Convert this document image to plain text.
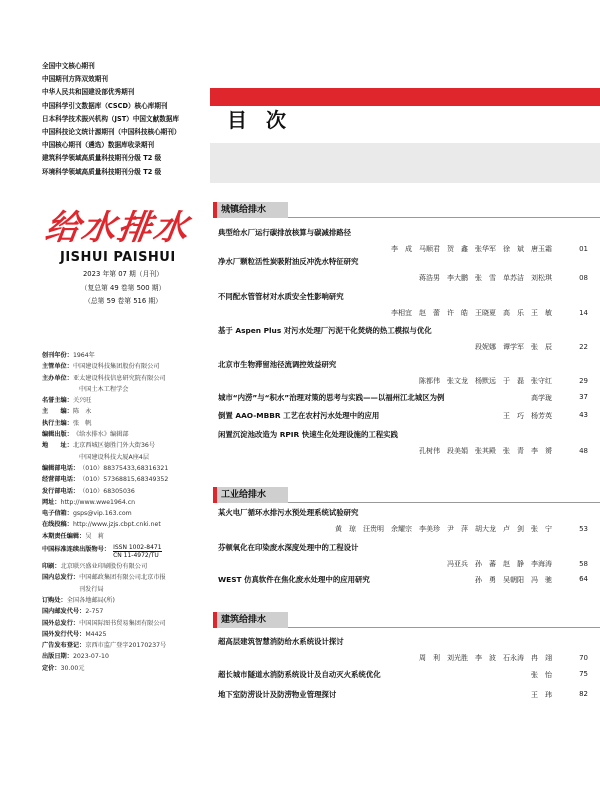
全国中文核心期刊
中国期刊方阵双效期刊
中华人民共和国建设部优秀期刊
中国科学引文数据库（CSCD）核心库期刊
日本科学技术振兴机构（JST）中国文献数据库
中国科技论文统计源期刊（中国科技核心期刊）
中国核心期刊（遴选）数据库收录期刊
建筑科学领域高质量科技期刊分级 T2 级
环境科学领域高质量科技期刊分级 T2 级
给水排水
JISHUI PAISHUI
2023 年第 07 期（月刊）
（复总第 49 卷第 500 期）
（总第 59 卷第 516 期）
创刊年份： 1964年
主管单位： 中国建设科技集团股份有限公司
主办单位： 亚太建设科技信息研究院有限公司
中国土木工程学会
名誉主编： 关兴旺
主　　编： 陈　永
执行主编： 张　帆
编辑出版： 《给水排水》编辑部
地　　址： 北京西城区德胜门外大街36号
中国建设科技大厦A座4层
编辑部电话： （010）88375433,68316321
经营部电话： （010）57368815,68349352
发行部电话： （010）68305036
网址： http://www.wwe1964.cn
电子信箱： gsps@vip.163.com
在线投稿： http://www.jzjs.cbpt.cnki.net
本期责任编辑： 吴　莉
中国标准连续出版物号： ISSN 1002-8471
CN 11-4972/TU
印刷： 北京联兴盛业印刷股份有限公司
国内总发行： 中国邮政集团有限公司北京市报
刊发行局
订购处： 全国各地邮局(所)
国内邮发代号： 2-757
国外总发行： 中国国际图书贸易集团有限公司
国外发行代号： M4425
广告发布登记： 京西市监广登字20170237号
出版日期： 2023-07-10
定价： 30.00元
目 次
城镇给排水
典型给水厂运行碳排放核算与碳减排路径
李　成　马顺君　贺　鑫　张华军　徐　斌　唐玉霜	01
净水厂颗粒活性炭吸附油反冲洗水特征研究
蒋浩男　李大鹏　张　雪　单苏洁　刘松琪	08
不同配水管管材对水质安全性影响研究
李相宜　赵　蕾　许　皓　王晓夏　高　乐　王　敏	14
基于 Aspen Plus 对污水处理厂污泥干化焚烧的热工模拟与优化
段妮娜　谭学军　张　辰	22
北京市生物滞留池径流调控效益研究
陈都伟　张文龙　杨默远　于　磊　张守红	29
城市“内涝”与“积水”治理对策的思考与实践——以福州江北城区为例	高学珑	37
倒置 AAO-MBBR 工艺在农村污水处理中的应用	王　巧　杨芳英	43
闲置沉淀池改造为 RPIR 快速生化处理设施的工程实践
孔树伟　段美娟　张其殿　张　青　李　赟	48
工业给排水
某火电厂循环水排污水预处理系统试验研究
黄　琼　汪贵明　余耀宗　李美珍　尹　萍　胡大龙　卢　剑　张　宁	53
芬顿氧化在印染废水深度处理中的工程设计
冯亚兵　孙　蕃　赵　静　李海涛	58
WEST 仿真软件在焦化废水处理中的应用研究	孙　勇　吴朝阳　冯　驰	64
建筑给排水
超高层建筑智慧消防给水系统设计探讨
周　利　刘光胜　李　波　石永涛　冉　翊	70
超长城市隧道水消防系统设计及自动灭火系统优化	张　怡	75
地下室防涝设计及防涝物业管理探讨	王　玮	82
